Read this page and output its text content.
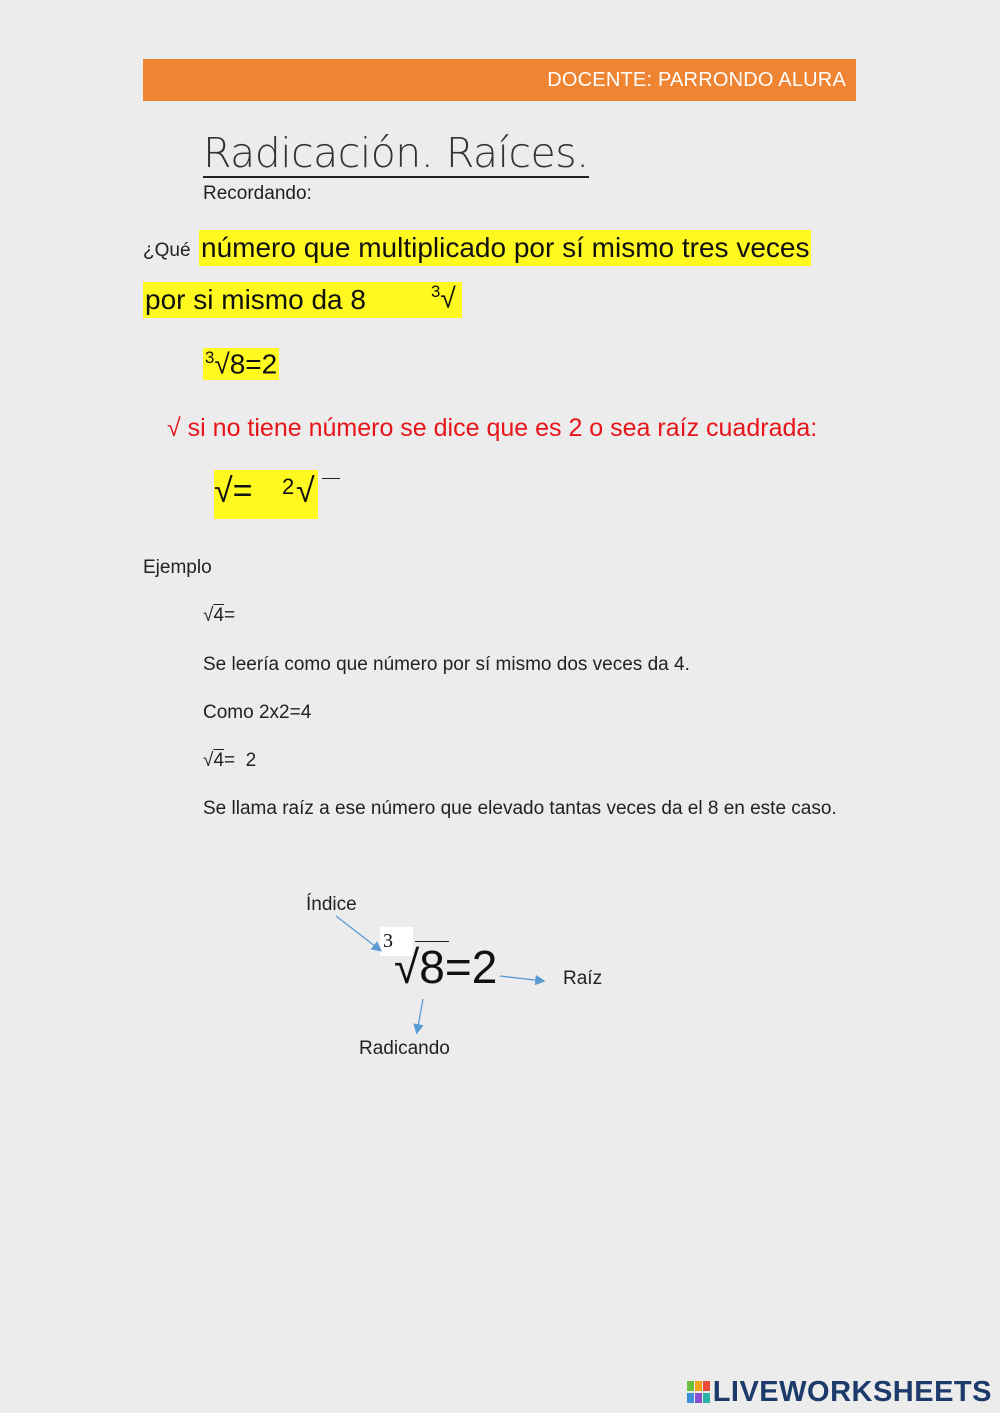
DOCENTE: PARRONDO ALURA
Radicación. Raíces.
Recordando:
¿Qué número que multiplicado por sí mismo tres veces
por si mismo da 8	$^3$√
$^3$√8=2
√ si no tiene número se dice que es 2 o sea raíz cuadrada:
√= 2 √
Ejemplo
√4=
Se leería como que número por sí mismo dos veces da 4.
Como 2x2=4
√4=  2
Se llama raíz a ese número que elevado tantas veces da el 8 en este caso.
Índice
3 √8=2	Raíz
Radicando
LIVEWORKSHEETS
